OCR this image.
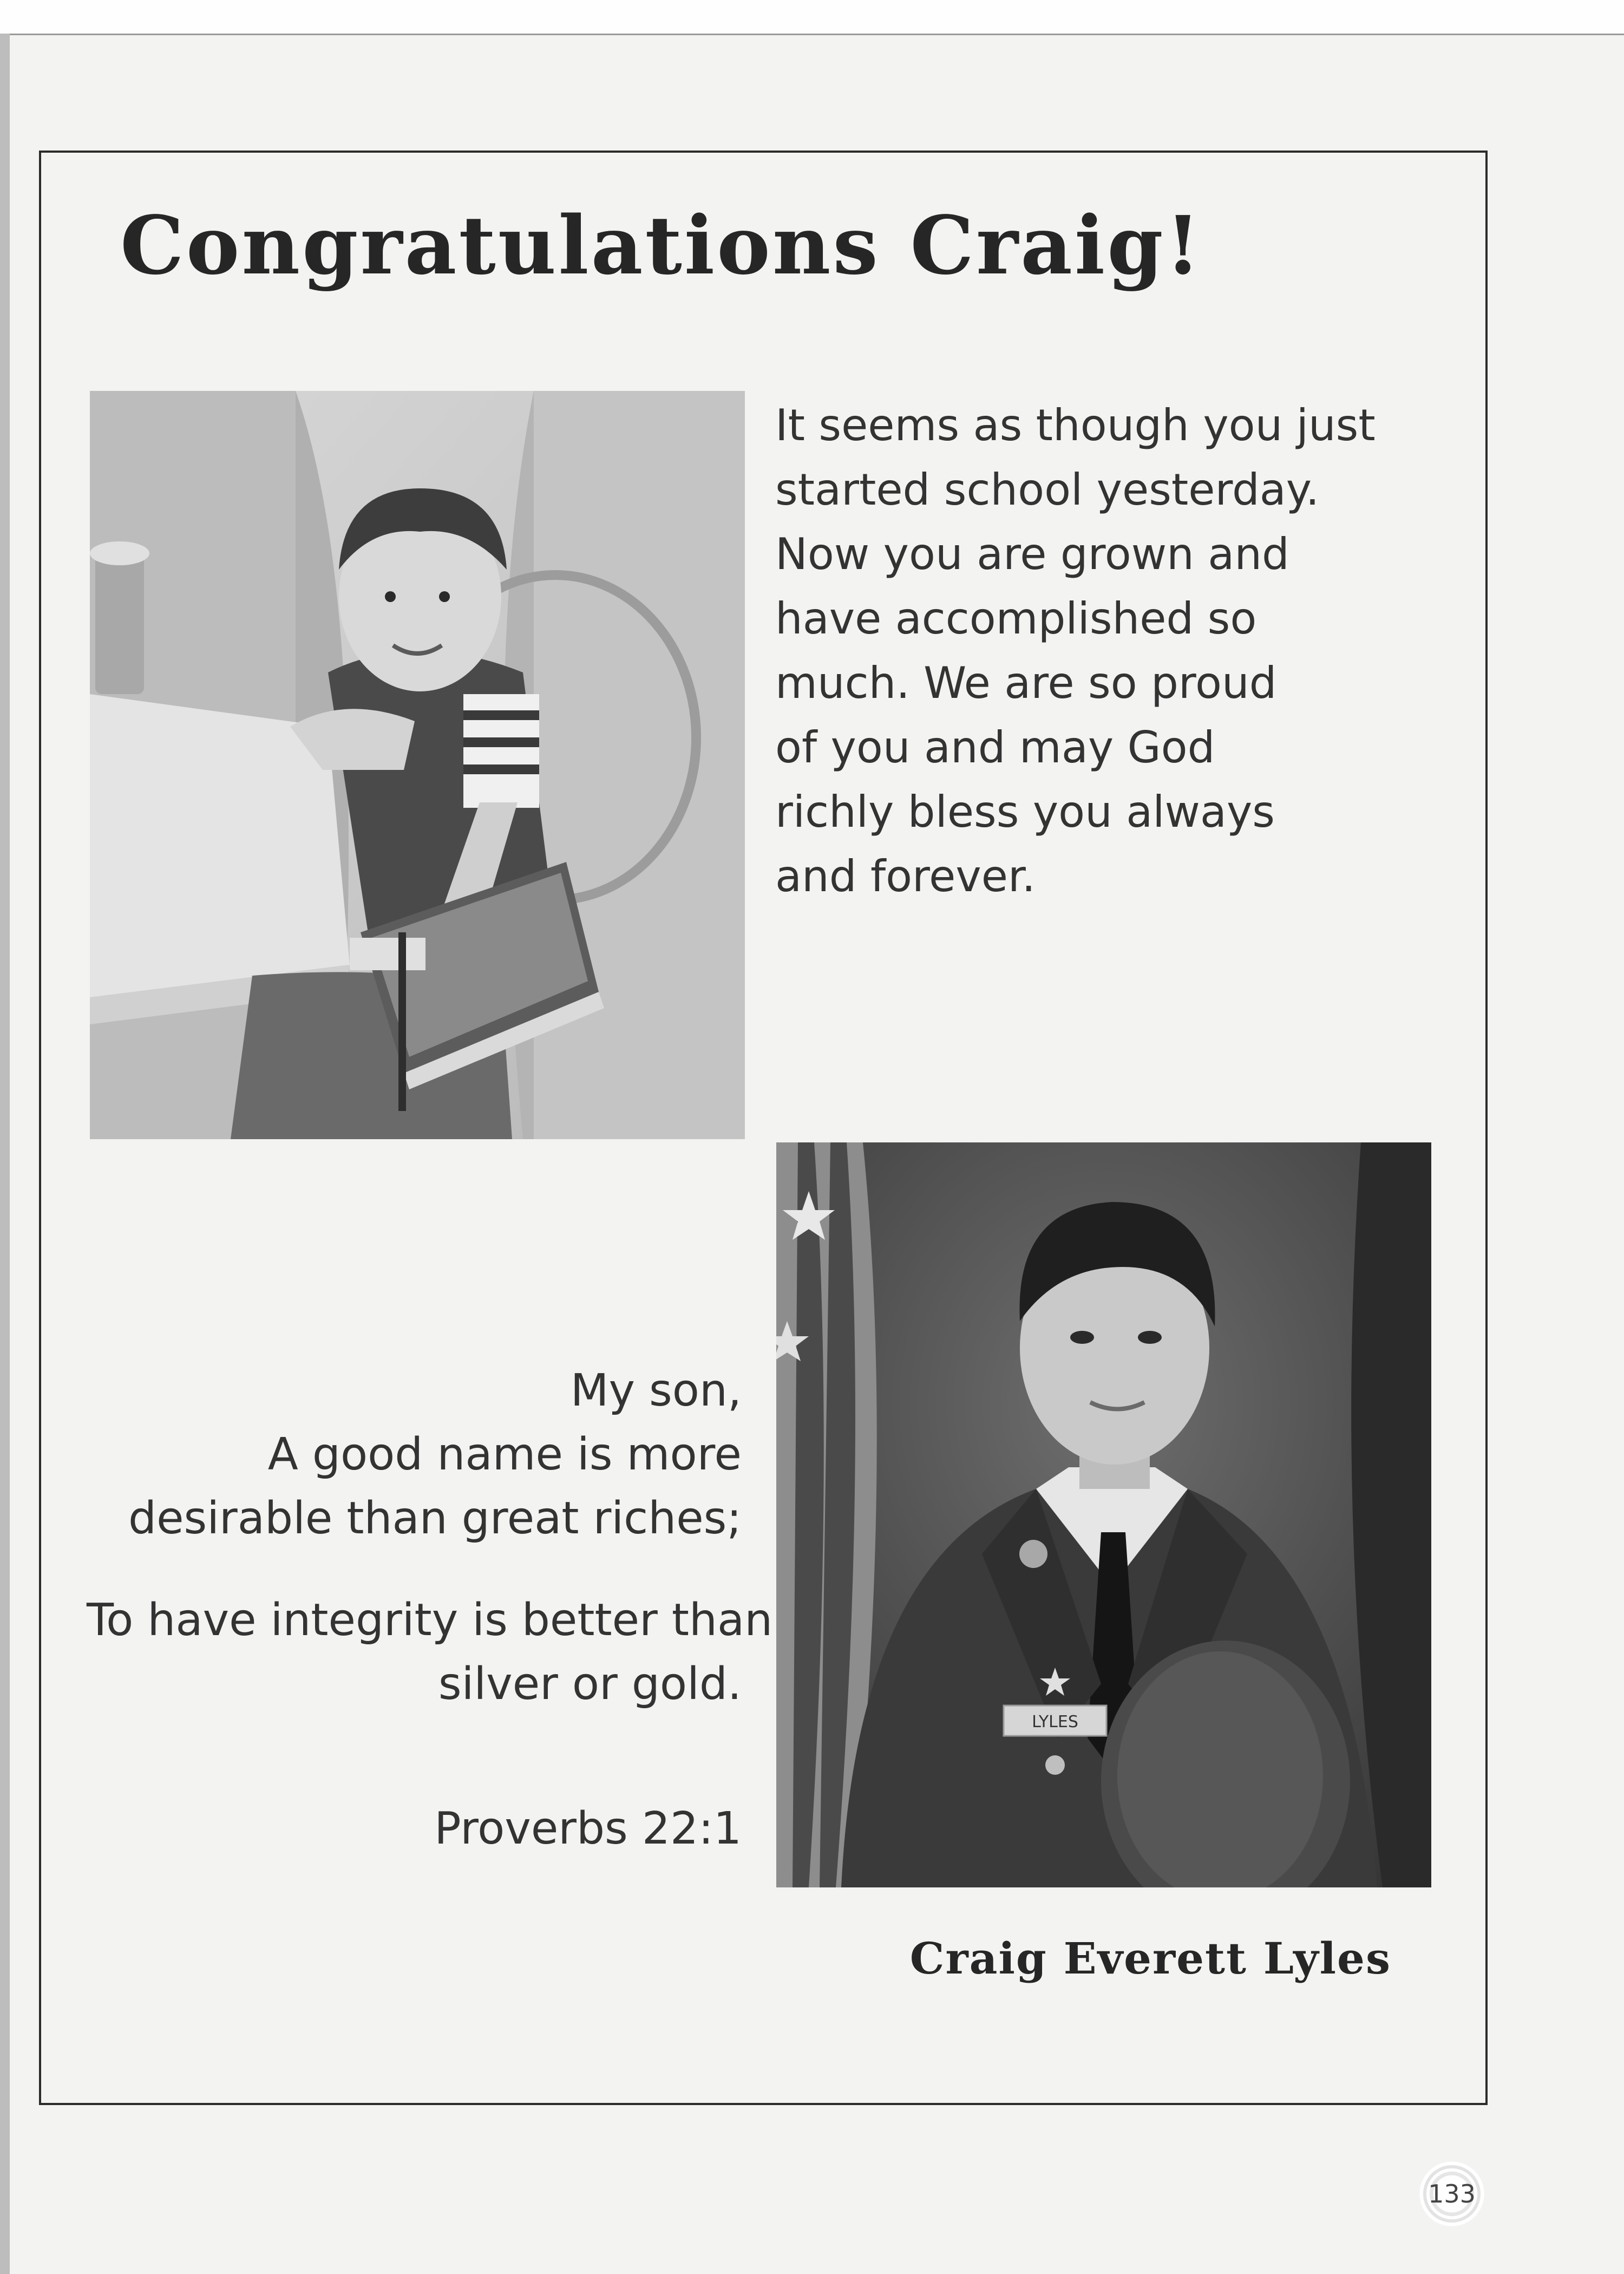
Congratulations Craig!
It seems as though you just
started school yesterday.
Now you are grown and
have accomplished so
much. We are so proud
of you and may God
richly bless you always
and forever.
LYLES
My son,
A good name is more
desirable than great riches;
To have integrity is better than
silver or gold.
Proverbs 22:1
Craig Everett Lyles
133
